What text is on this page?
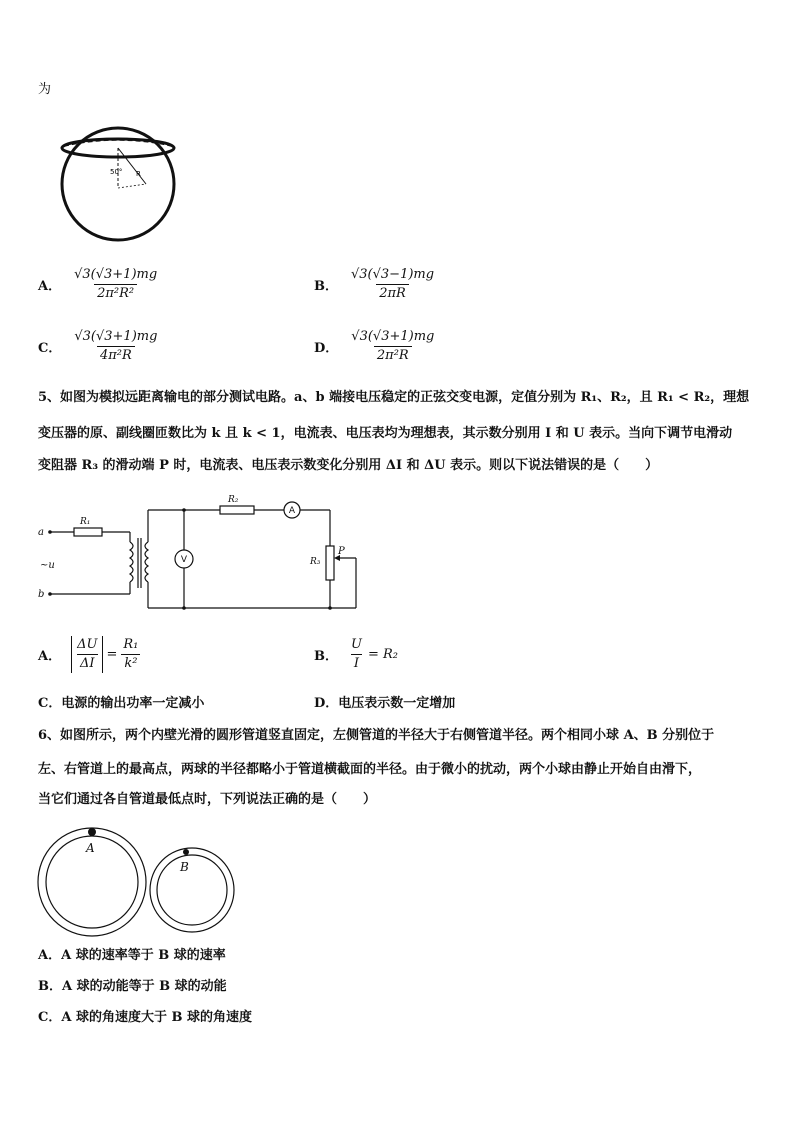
为
50° R
A． $\frac{√3(√3+1)mg}{\text{2π²R²}}$	B． $\frac{√3(√3-1)mg}{2\pi R}$
C． $\frac{√3(√3+1)mg}{\text{4π²R}}$	D． $\frac{√3(√3+1)mg}{\text{2π²R}}$
5、如图为模拟远距离输电的部分测试电路。a、b 端接电压稳定的正弦交变电源，定值分别为 R₁、R₂，且 R₁ < R₂，理想
变压器的原、副线圈匝数比为 k 且 k < 1，电流表、电压表均为理想表，其示数分别用 I 和 U 表示。当向下调节电滑动
变阻器 R₃ 的滑动端 P 时，电流表、电压表示数变化分别用 ΔI 和 ΔU 表示。则以下说法错误的是（　　）
a
b
~u
R₁
R₂
R₃
P
V
A
A． $\frac{\Delta U}{\Delta I} = \frac{\text{R₁}}{\text{k²}}$	B． $\frac{U}{I} = R_2$
C．电源的输出功率一定减小	D．电压表示数一定增加
6、如图所示，两个内壁光滑的圆形管道竖直固定，左侧管道的半径大于右侧管道半径。两个相同小球 A、B 分别位于
左、右管道上的最高点，两球的半径都略小于管道横截面的半径。由于微小的扰动，两个小球由静止开始自由滑下，
当它们通过各自管道最低点时，下列说法正确的是（　　）
A
B
A．A 球的速率等于 B 球的速率
B．A 球的动能等于 B 球的动能
C．A 球的角速度大于 B 球的角速度
